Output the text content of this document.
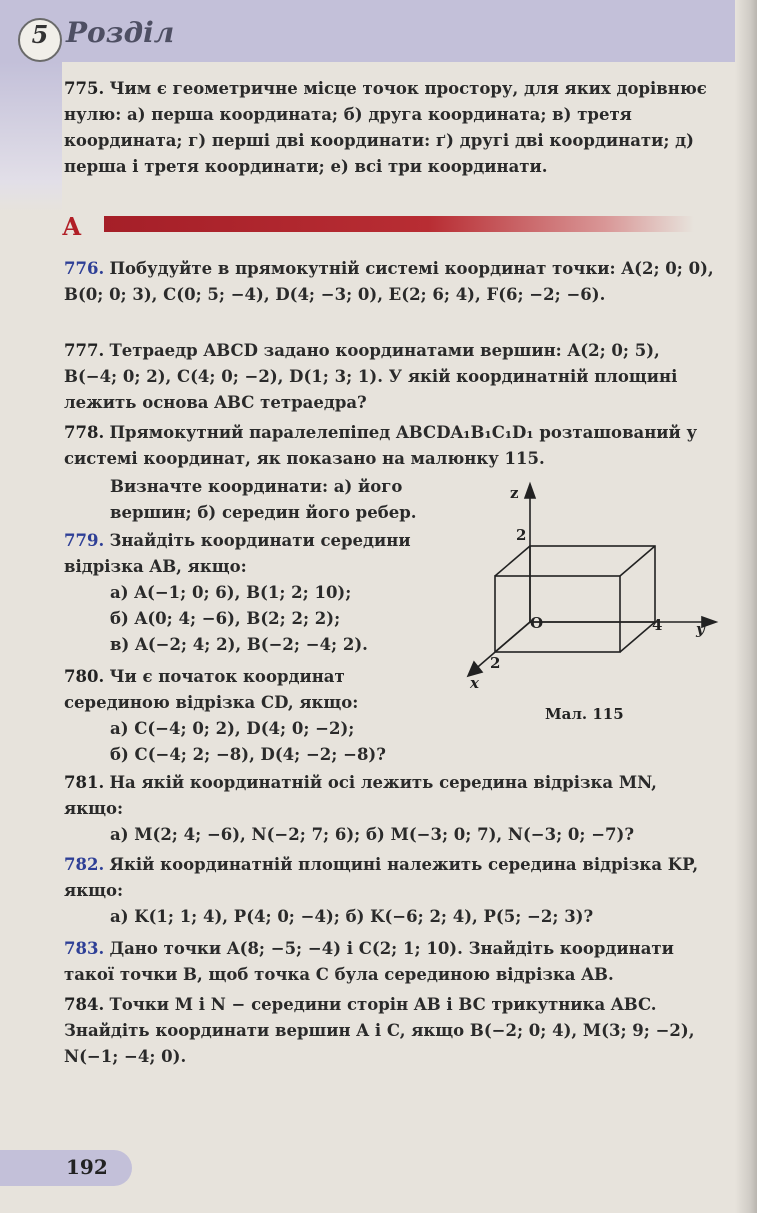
5 Розділ
775. Чим є геометричне місце точок простору, для яких дорівнює нулю: а) перша координата; б) друга координата; в) третя координата; г) перші дві координати: ґ) другі дві координати; д) перша і третя координати; е) всі три координати.
А
776. Побудуйте в прямокутній системі координат точки: A(2; 0; 0), B(0; 0; 3), C(0; 5; −4), D(4; −3; 0), E(2; 6; 4), F(6; −2; −6).
777. Тетраедр ABCD задано координатами вершин: A(2; 0; 5), B(−4; 0; 2), C(4; 0; −2), D(1; 3; 1). У якій координатній площині лежить основа ABC тетраедра?
778. Прямокутний паралелепіпед ABCDA₁B₁C₁D₁ розташований у системі координат, як показано на малюнку 115.
Визначте координати: а) його вершин; б) середин його ребер.
779. Знайдіть координати середини відрізка AB, якщо:
а) A(−1; 0; 6), B(1; 2; 10);
б) A(0; 4; −6), B(2; 2; 2);
в) A(−2; 4; 2), B(−2; −4; 2).
780. Чи є початок координат серединою відрізка CD, якщо:
а) C(−4; 0; 2), D(4; 0; −2);
б) C(−4; 2; −8), D(4; −2; −8)?
z
2
O	4 y
2
x
Мал. 115
781. На якій координатній осі лежить середина відрізка MN, якщо:
а) M(2; 4; −6), N(−2; 7; 6); б) M(−3; 0; 7), N(−3; 0; −7)?
782. Якій координатній площині належить середина відрізка KP, якщо:
а) K(1; 1; 4), P(4; 0; −4); б) K(−6; 2; 4), P(5; −2; 3)?
783. Дано точки A(8; −5; −4) і C(2; 1; 10). Знайдіть координати такої точки B, щоб точка C була серединою відрізка AB.
784. Точки M і N − середини сторін AB і BC трикутника ABC. Знайдіть координати вершин A і C, якщо B(−2; 0; 4), M(3; 9; −2), N(−1; −4; 0).
192
